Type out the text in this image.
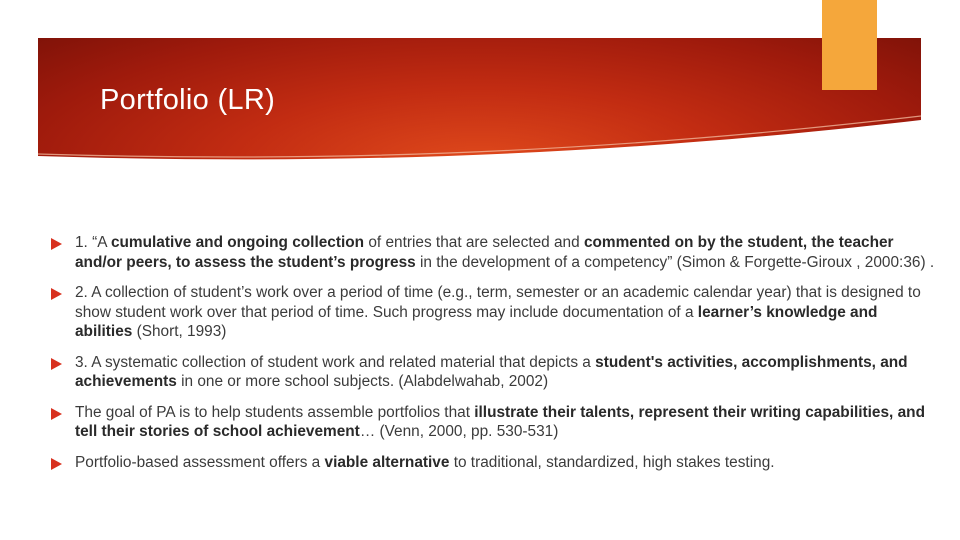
Portfolio (LR)
1. “A cumulative and ongoing collection of entries that are selected and commented on by the student, the teacher and/or peers, to assess the student’s progress in the development of a competency” (Simon & Forgette-Giroux , 2000:36) .
2. A collection of student’s work over a period of time (e.g., term, semester or an academic calendar year) that is designed to show student work over that period of time. Such progress may include documentation of a learner’s knowledge and abilities (Short, 1993)
3. A systematic collection of student work and related material that depicts a student's activities, accomplishments, and achievements in one or more school subjects. (Alabdelwahab, 2002)
The goal of PA is to help students assemble portfolios that illustrate their talents, represent their writing capabilities, and tell their stories of school achievement… (Venn, 2000, pp. 530-531)
Portfolio-based assessment offers a viable alternative to traditional, standardized, high stakes testing.
